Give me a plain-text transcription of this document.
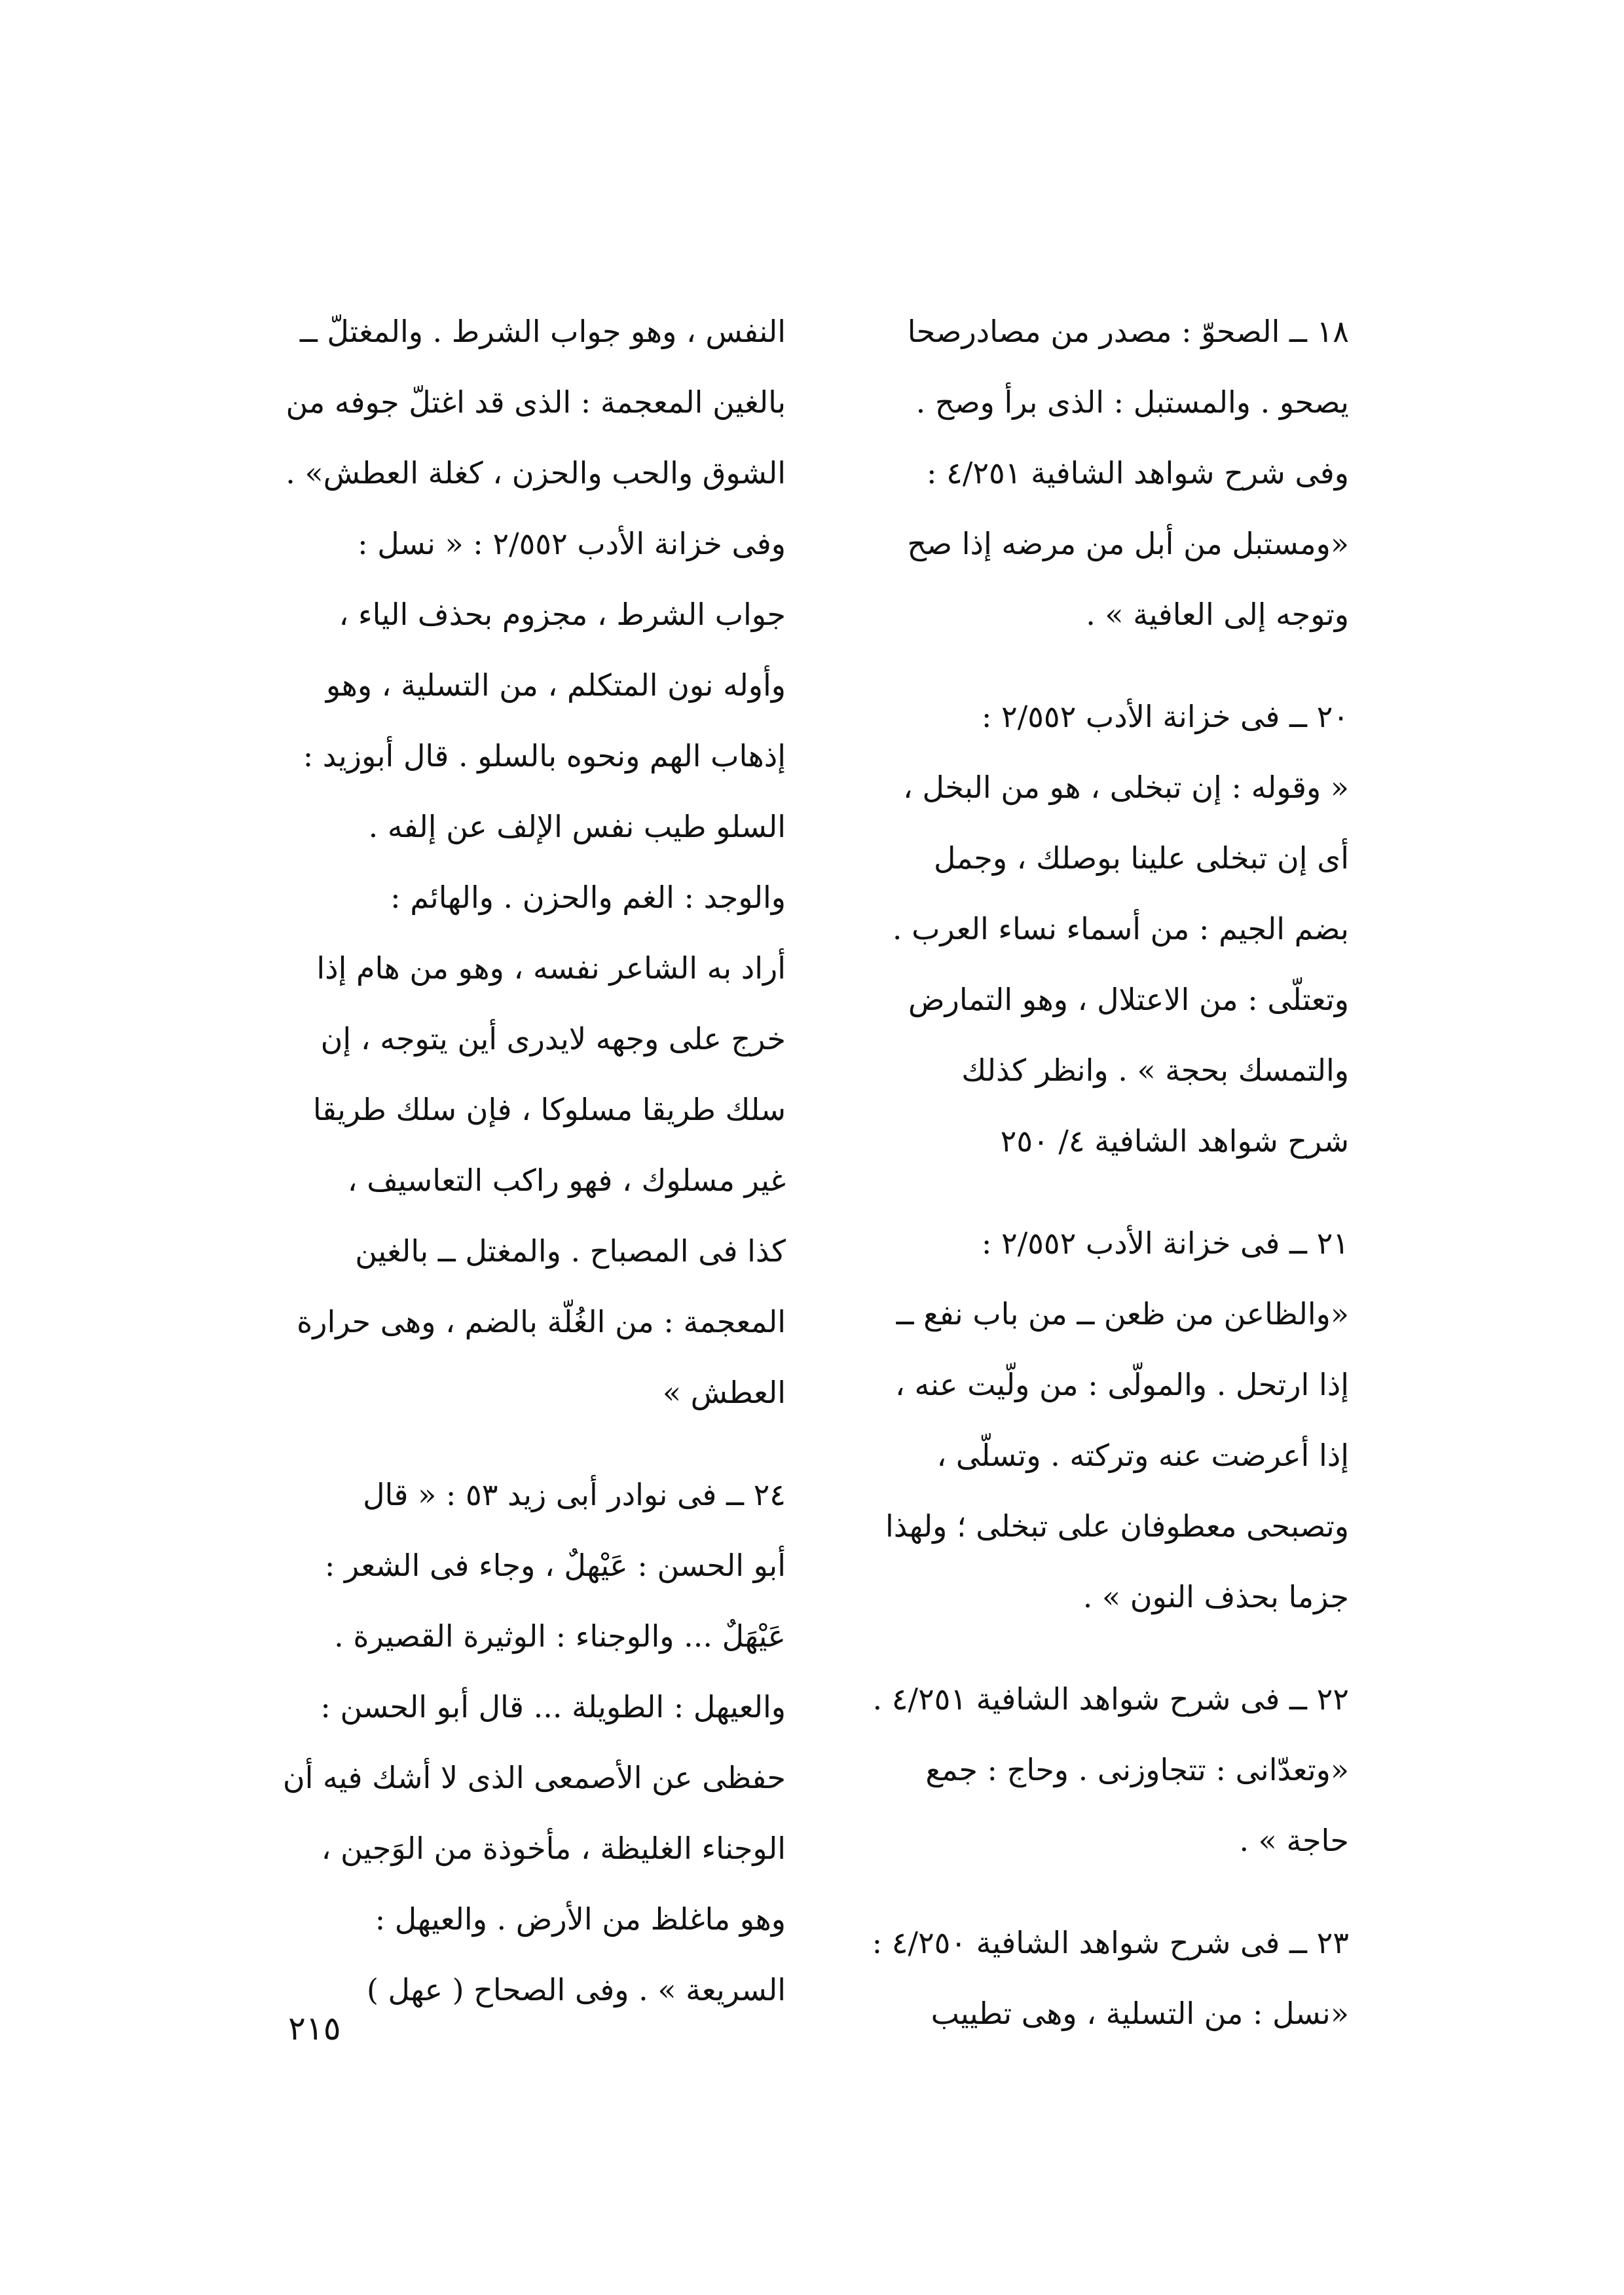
١٨ ــ الصحوّ : مصدر من مصادرصحا
يصحو . والمستبل : الذى برأ وصح .
وفى شرح شواهد الشافية ٤/٢٥١ :
«ومستبل من أبل من مرضه إذا صح
وتوجه إلى العافية » .
٢٠ ــ فى خزانة الأدب ٢/٥٥٢ :
« وقوله : إن تبخلى ، هو من البخل ،
أى إن تبخلى علينا بوصلك ، وجمل
بضم الجيم : من أسماء نساء العرب .
وتعتلّى : من الاعتلال ، وهو التمارض
والتمسك بحجة » . وانظر كذلك
شرح شواهد الشافية ٤/ ٢٥٠
٢١ ــ فى خزانة الأدب ٢/٥٥٢ :
«والظاعن من ظعن ــ من باب نفع ــ
إذا ارتحل . والمولّى : من ولّيت عنه ،
إذا أعرضت عنه وتركته . وتسلّى ،
وتصبحى معطوفان على تبخلى ؛ ولهذا
جزما بحذف النون » .
٢٢ ــ فى شرح شواهد الشافية ٤/٢٥١ .
«وتعدّانى : تتجاوزنى . وحاج : جمع
حاجة » .
٢٣ ــ فى شرح شواهد الشافية ٤/٢٥٠ :
«نسل : من التسلية ، وهى تطييب
النفس ، وهو جواب الشرط . والمغتلّ ــ
بالغين المعجمة : الذى قد اغتلّ جوفه من
الشوق والحب والحزن ، كغلة العطش» .
وفى خزانة الأدب ٢/٥٥٢ : « نسل :
جواب الشرط ، مجزوم بحذف الياء ،
وأوله نون المتكلم ، من التسلية ، وهو
إذهاب الهم ونحوه بالسلو . قال أبوزيد :
السلو طيب نفس الإلف عن إلفه .
والوجد : الغم والحزن . والهائم :
أراد به الشاعر نفسه ، وهو من هام إذا
خرج على وجهه لايدرى أين يتوجه ، إن
سلك طريقا مسلوكا ، فإن سلك طريقا
غير مسلوك ، فهو راكب التعاسيف ،
كذا فى المصباح . والمغتل ــ بالغين
المعجمة : من الغُلّة بالضم ، وهى حرارة
العطش »
٢٤ ــ فى نوادر أبى زيد ٥٣ : « قال
أبو الحسن : عَيْهلٌ ، وجاء فى الشعر :
عَيْهَلٌ ... والوجناء : الوثيرة القصيرة .
والعيهل : الطويلة ... قال أبو الحسن :
حفظى عن الأصمعى الذى لا أشك فيه أن
الوجناء الغليظة ، مأخوذة من الوَجين ،
وهو ماغلظ من الأرض . والعيهل :
السريعة » . وفى الصحاح ( عهل )
٢١٥
